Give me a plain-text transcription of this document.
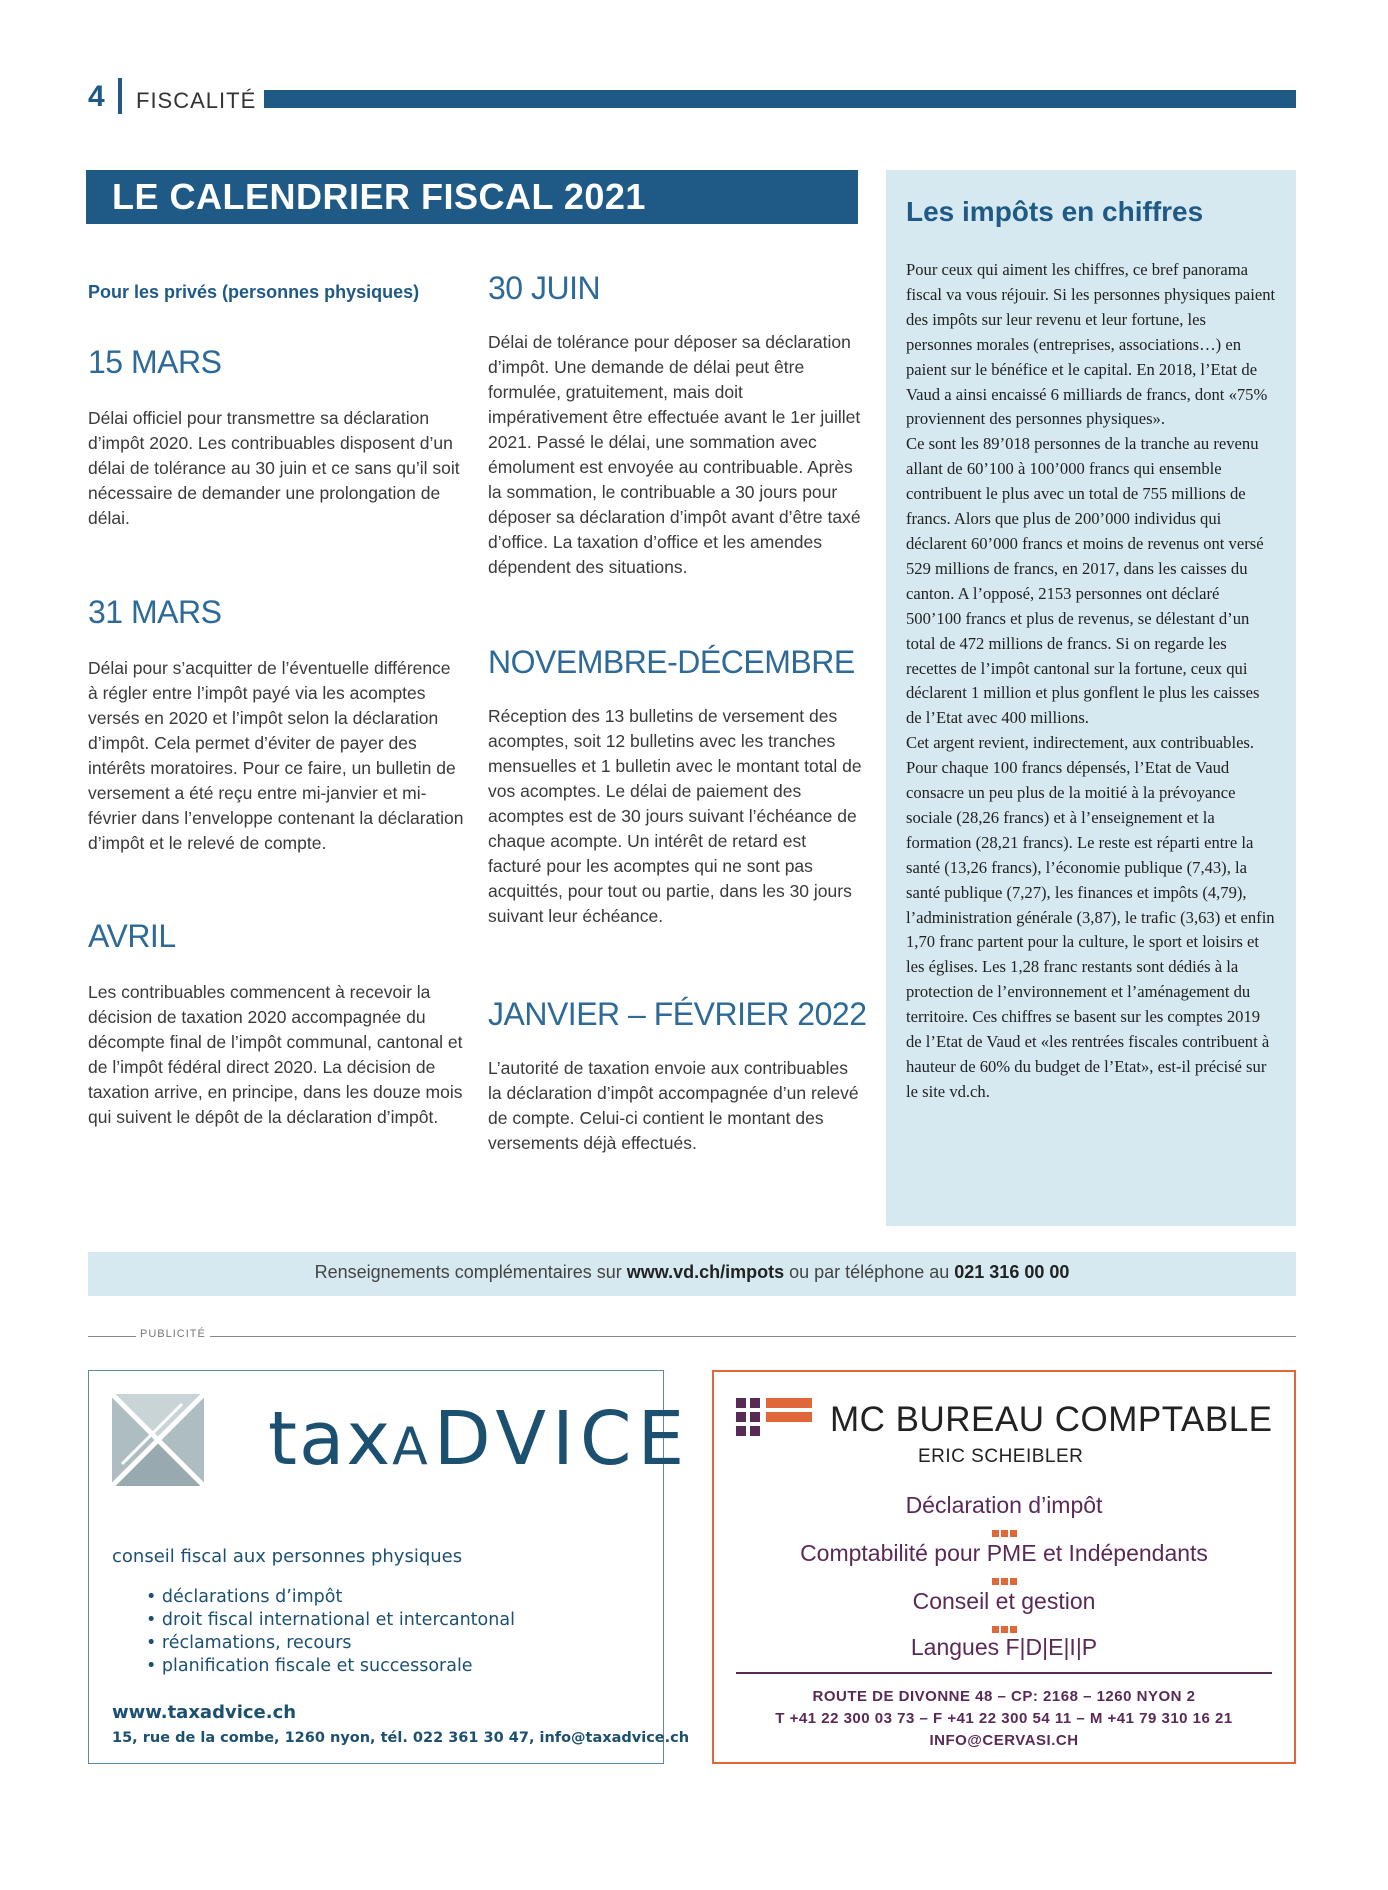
4 FISCALITÉ
LE CALENDRIER FISCAL 2021
Pour les privés (personnes physiques)
15 MARS

Délai officiel pour transmettre sa déclaration d’impôt 2020. Les contribuables disposent d’un délai de tolérance au 30 juin et ce sans qu’il soit nécessaire de demander une prolongation de délai.

31 MARS

Délai pour s’acquitter de l’éventuelle différence à régler entre l’impôt payé via les acomptes versés en 2020 et l’impôt selon la déclaration d’impôt. Cela permet d’éviter de payer des intérêts moratoires. Pour ce faire, un bulletin de versement a été reçu entre mi-janvier et mi-février dans l’enveloppe contenant la déclaration d’impôt et le relevé de compte.

AVRIL

Les contribuables commencent à recevoir la décision de taxation 2020 accompagnée du décompte final de l’impôt communal, cantonal et de l’impôt fédéral direct 2020. La décision de taxation arrive, en principe, dans les douze mois qui suivent le dépôt de la déclaration d’impôt.

30 JUIN

Délai de tolérance pour déposer sa déclaration d’impôt. Une demande de délai peut être formulée, gratuitement, mais doit impérativement être effectuée avant le 1er juillet 2021. Passé le délai, une sommation avec émolument est envoyée au contribuable. Après la sommation, le contribuable a 30 jours pour déposer sa déclaration d’impôt avant d’être taxé d’office. La taxation d’office et les amendes dépendent des situations.

NOVEMBRE-DÉCEMBRE

Réception des 13 bulletins de versement des acomptes, soit 12 bulletins avec les tranches mensuelles et 1 bulletin avec le montant total de vos acomptes. Le délai de paiement des acomptes est de 30 jours suivant l’échéance de chaque acompte. Un intérêt de retard est facturé pour les acomptes qui ne sont pas acquittés, pour tout ou partie, dans les 30 jours suivant leur échéance.

JANVIER – FÉVRIER 2022

L’autorité de taxation envoie aux contribuables la déclaration d’impôt accompagnée d’un relevé de compte. Celui-ci contient le montant des versements déjà effectués.

Les impôts en chiffres

Pour ceux qui aiment les chiffres, ce bref panorama fiscal va vous réjouir. Si les personnes physiques paient des impôts sur leur revenu et leur fortune, les personnes morales (entreprises, associations…) en paient sur le bénéfice et le capital. En 2018, l’Etat de Vaud a ainsi encaissé 6 milliards de francs, dont «75% proviennent des personnes physiques».

Ce sont les 89’018 personnes de la tranche au revenu allant de 60’100 à 100’000 francs qui ensemble contribuent le plus avec un total de 755 millions de francs. Alors que plus de 200’000 individus qui déclarent 60’000 francs et moins de revenus ont versé 529 millions de francs, en 2017, dans les caisses du canton. A l’opposé, 2153 personnes ont déclaré 500’100 francs et plus de revenus, se délestant d’un total de 472 millions de francs. Si on regarde les recettes de l’impôt cantonal sur la fortune, ceux qui déclarent 1 million et plus gonflent le plus les caisses de l’Etat avec 400 millions.

Cet argent revient, indirectement, aux contribuables. Pour chaque 100 francs dépensés, l’Etat de Vaud consacre un peu plus de la moitié à la prévoyance sociale (28,26 francs) et à l’enseignement et la formation (28,21 francs). Le reste est réparti entre la santé (13,26 francs), l’économie publique (7,43), la santé publique (7,27), les finances et impôts (4,79), l’administration générale (3,87), le trafic (3,63) et enfin 1,70 franc partent pour la culture, le sport et loisirs et les églises. Les 1,28 franc restants sont dédiés à la protection de l’environnement et l’aménagement du territoire. Ces chiffres se basent sur les comptes 2019 de l’Etat de Vaud et «les rentrées fiscales contribuent à hauteur de 60% du budget de l’Etat», est-il précisé sur le site vd.ch.

Renseignements complémentaires sur www.vd.ch/impots ou par téléphone au 021 316 00 00
PUBLICITÉ
taxaDVICE
conseil fiscal aux personnes physiques
• déclarations d’impôt
• droit fiscal international et intercantonal
• réclamations, recours
• planification fiscale et successorale
www.taxadvice.ch
15, rue de la combe, 1260 nyon, tél. 022 361 30 47, info@taxadvice.ch
MC BUREAU COMPTABLE
ERIC SCHEIBLER
Déclaration d’impôt
Comptabilité pour PME et Indépendants
Conseil et gestion
Langues F|D|E|I|P
ROUTE DE DIVONNE 48 – CP: 2168 – 1260 NYON 2
T +41 22 300 03 73 – F +41 22 300 54 11 – M +41 79 310 16 21
INFO@CERVASI.CH
